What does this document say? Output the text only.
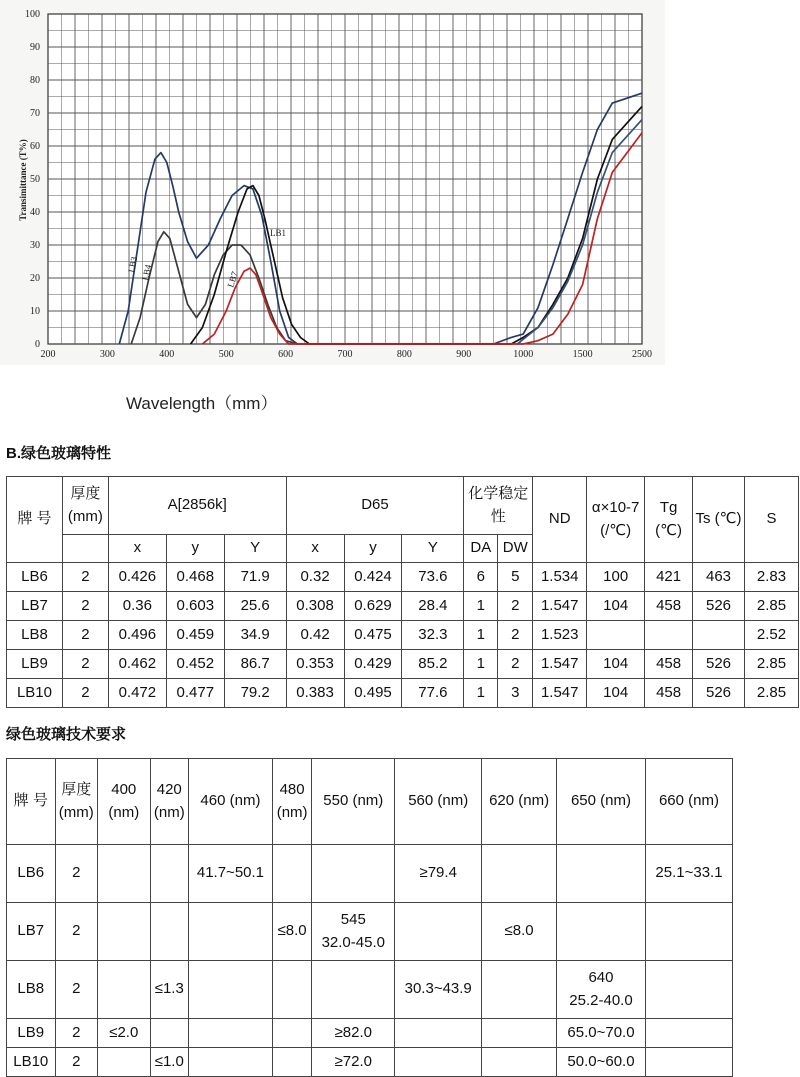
0
10
20
30
40
50
60
70
80
90
100
200	300	400	500	600	700	800	900	1000	1500	2500
Transimittance (T%)
LB1
LB3 LB4	LB7
Wavelength（mm）
B.绿色玻璃特性
牌 号	厚度 (mm)	A[2856k]			D65			化学稳定性		ND	α×10-7 (/℃)	Tg (℃)	Ts (℃)	S
		x	y	Y	x	y	Y	DA	DW					
LB6	2	0.426	0.468	71.9	0.32	0.424	73.6	6	5	1.534	100	421	463	2.83
LB7	2	0.36	0.603	25.6	0.308	0.629	28.4	1	2	1.547	104	458	526	2.85
LB8	2	0.496	0.459	34.9	0.42	0.475	32.3	1	2	1.523				2.52
LB9	2	0.462	0.452	86.7	0.353	0.429	85.2	1	2	1.547	104	458	526	2.85
LB10	2	0.472	0.477	79.2	0.383	0.495	77.6	1	3	1.547	104	458	526	2.85
绿色玻璃技术要求
牌 号	厚度 (mm)	400 (nm)	420 (nm)	460 (nm)	480 (nm)	550 (nm)	560 (nm)	620 (nm)	650 (nm)	660 (nm)
LB6	2			41.7~50.1			≥79.4			25.1~33.1
LB7	2				≤8.0	545
32.0-45.0		≤8.0		
LB8	2		≤1.3				30.3~43.9		640
25.2-40.0	
LB9	2	≤2.0				≥82.0			65.0~70.0	
LB10	2		≤1.0			≥72.0			50.0~60.0	
